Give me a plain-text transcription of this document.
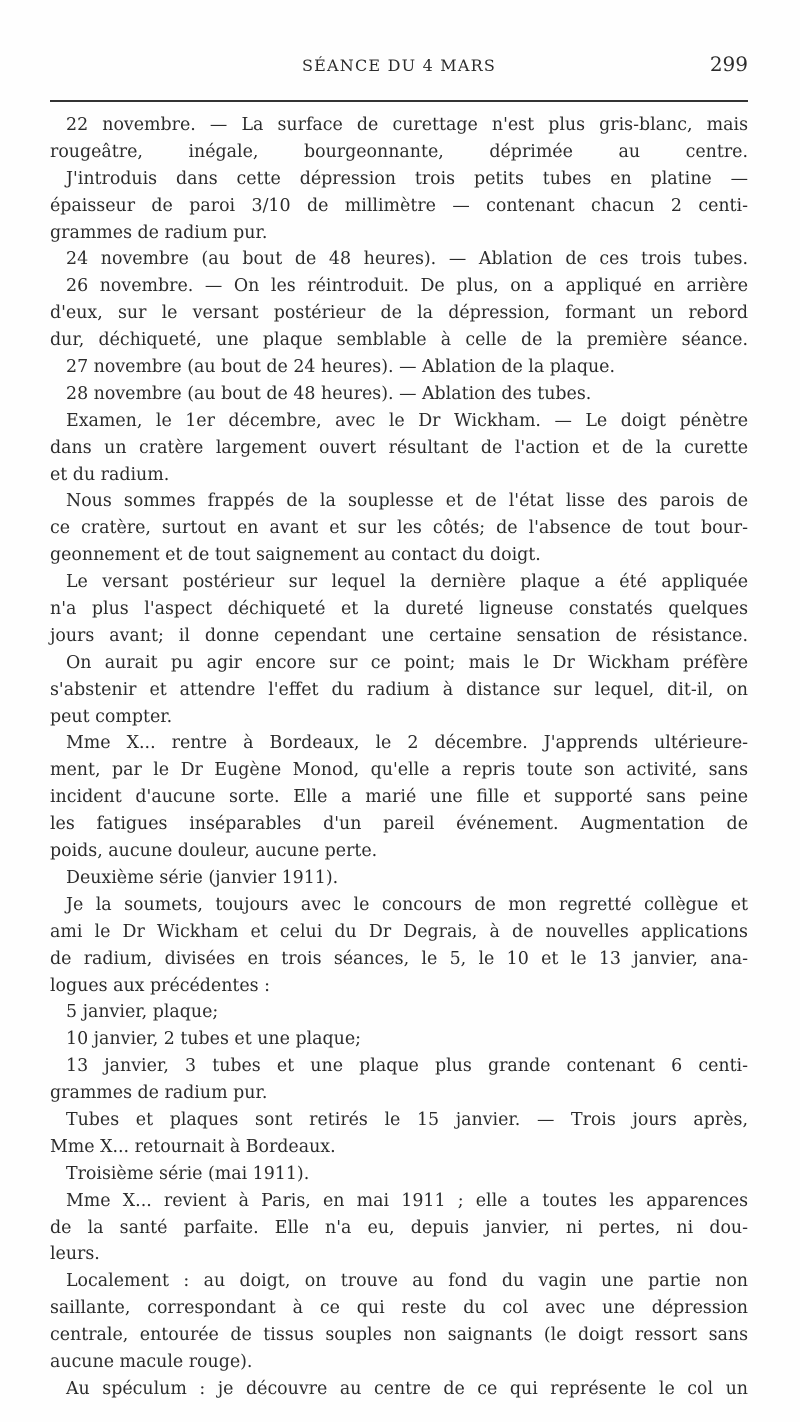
SÉANCE DU 4 MARS	299
22 novembre. — La surface de curettage n'est plus gris-blanc, mais
rougeâtre, inégale, bourgeonnante, déprimée au centre.
J'introduis dans cette dépression trois petits tubes en platine —
épaisseur de paroi 3/10 de millimètre — contenant chacun 2 centi-
grammes de radium pur.
24 novembre (au bout de 48 heures). — Ablation de ces trois tubes.
26 novembre. — On les réintroduit. De plus, on a appliqué en arrière
d'eux, sur le versant postérieur de la dépression, formant un rebord
dur, déchiqueté, une plaque semblable à celle de la première séance.
27 novembre (au bout de 24 heures). — Ablation de la plaque.
28 novembre (au bout de 48 heures). — Ablation des tubes.
Examen, le 1er décembre, avec le Dr Wickham. — Le doigt pénètre
dans un cratère largement ouvert résultant de l'action et de la curette
et du radium.
Nous sommes frappés de la souplesse et de l'état lisse des parois de
ce cratère, surtout en avant et sur les côtés; de l'absence de tout bour-
geonnement et de tout saignement au contact du doigt.
Le versant postérieur sur lequel la dernière plaque a été appliquée
n'a plus l'aspect déchiqueté et la dureté ligneuse constatés quelques
jours avant; il donne cependant une certaine sensation de résistance.
On aurait pu agir encore sur ce point; mais le Dr Wickham préfère
s'abstenir et attendre l'effet du radium à distance sur lequel, dit-il, on
peut compter.
Mme X... rentre à Bordeaux, le 2 décembre. J'apprends ultérieure-
ment, par le Dr Eugène Monod, qu'elle a repris toute son activité, sans
incident d'aucune sorte. Elle a marié une fille et supporté sans peine
les fatigues inséparables d'un pareil événement. Augmentation de
poids, aucune douleur, aucune perte.
Deuxième série (janvier 1911).
Je la soumets, toujours avec le concours de mon regretté collègue et
ami le Dr Wickham et celui du Dr Degrais, à de nouvelles applications
de radium, divisées en trois séances, le 5, le 10 et le 13 janvier, ana-
logues aux précédentes :
5 janvier, plaque;
10 janvier, 2 tubes et une plaque;
13 janvier, 3 tubes et une plaque plus grande contenant 6 centi-
grammes de radium pur.
Tubes et plaques sont retirés le 15 janvier. — Trois jours après,
Mme X... retournait à Bordeaux.
Troisième série (mai 1911).
Mme X... revient à Paris, en mai 1911 ; elle a toutes les apparences
de la santé parfaite. Elle n'a eu, depuis janvier, ni pertes, ni dou-
leurs.
Localement : au doigt, on trouve au fond du vagin une partie non
saillante, correspondant à ce qui reste du col avec une dépression
centrale, entourée de tissus souples non saignants (le doigt ressort sans
aucune macule rouge).
Au spéculum : je découvre au centre de ce qui représente le col un
